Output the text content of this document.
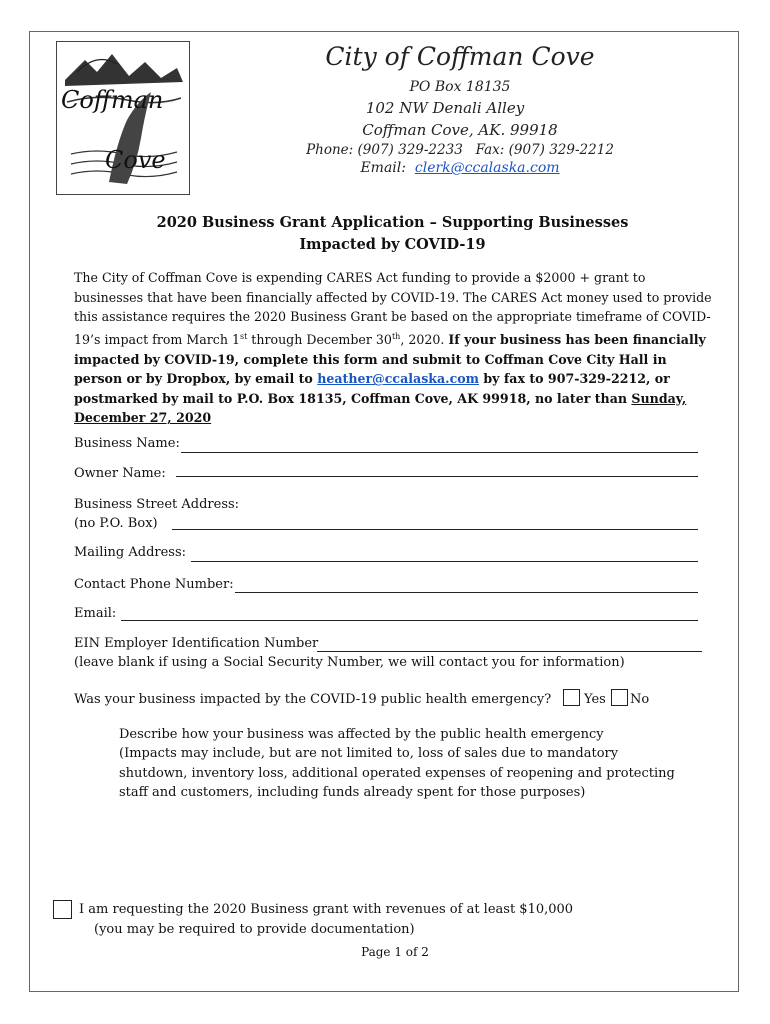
Coffman
Cove
City of Coffman Cove
PO Box 18135
102 NW Denali Alley
Coffman Cove, AK. 99918
Phone: (907) 329-2233 Fax: (907) 329-2212
Email: clerk@ccalaska.com
2020 Business Grant Application – Supporting Businesses
Impacted by COVID-19
The City of Coffman Cove is expending CARES Act funding to provide a $2000 + grant to businesses that have been financially affected by COVID-19. The CARES Act money used to provide this assistance requires the 2020 Business Grant be based on the appropriate timeframe of COVID-19’s impact from March 1st through December 30th, 2020. If your business has been financially impacted by COVID-19, complete this form and submit to Coffman Cove City Hall in person or by Dropbox, by email to heather@ccalaska.com by fax to 907-329-2212, or postmarked by mail to P.O. Box 18135, Coffman Cove, AK 99918, no later than Sunday, December 27, 2020
Business Name:
Owner Name:
Business Street Address:
(no P.O. Box)
Mailing Address:
Contact Phone Number:
Email:
EIN Employer Identification Number
(leave blank if using a Social Security Number, we will contact you for information)
Was your business impacted by the COVID-19 public health emergency?	Yes No
Describe how your business was affected by the public health emergency
(Impacts may include, but are not limited to, loss of sales due to mandatory shutdown, inventory loss, additional operated expenses of reopening and protecting staff and customers, including funds already spent for those purposes)
I am requesting the 2020 Business grant with revenues of at least $10,000
(you may be required to provide documentation)
Page 1 of 2
